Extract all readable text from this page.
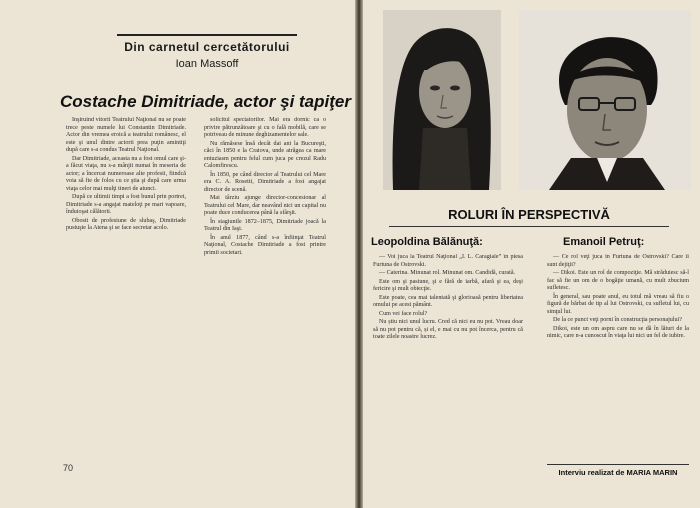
Din carnetul cercetătorului
Ioan Massoff
Costache Dimitriade, actor şi tapiţer

Înşiruind vitorii Teatrului Naţional nu se poate trece peste numele lui Constantin Dimitriade. Actor din vremea eroică a teatrului românesc, el este şi unul dintre actorii prea puţin amintiţi după care s-a condus Teatrul Naţional.

Dar Dimitriade, aceasta nu a fost omul care şi-a făcut viaţa, nu s-a mânjit numai în meseria de actor; a încercat numeroase alte profesii, fiindcă voia să fie de folos cu ce ştia şi după care urma viaţa celor mai mulţi tineri de atunci.

După ce ultimii timpi a fost bunul prin portret, Dimitriade s-a angajat mateloţi pe mari vapoare, înduioşat călătorii.

Obosit de profesiune de slubaş, Dimitriade pustuşte la Atena şi se face secretar acolo.

solicitul spectatorilor. Mai era dornic ca o privire pătrunzătoare şi cu o fală mobilă, care se potriveau de minune deghizamentelor sale.

Nu rămăsese însă decât dai ani la Bucureşti, căci în 1850 e la Craiova, unde atrăgea ca mare entuziasm pentru felul cum juca pe crezul Radu Calomfirescu.

În 1850, pe când director al Teatrului cel Mare era C. A. Rosetti, Dimitriade a fost angajat director de scenă.

Mai târziu ajunge director-concesionar al Teatrului cel Mare, dar neavând nici un capital nu poate duce conducerea până la sfârşit.

În stagiunile 1872–1875, Dimitriade joacă la Teatrul din Iaşi.

În anul 1877, când s-a înfiinţat Teatrul Naţional, Costache Dimitriade a fost printre primii societari.

70
ROLURI ÎN PERSPECTIVĂ
Leopoldina Bălănuţă:	Emanoil Petruţ:

— Voi juca la Teatrul Naţional „I. L. Caragiale” în piesa Furtuna de Ostrovski.

— Caterina. Minunat rol. Minunat om. Candidă, curată.

Este om şi pasiune, şi e fără de iarbă, afară şi ea, deşi fericire şi mult obiecţie.

Este poate, cea mai talentată şi glorioasă pentru libertatea omului pe acest pământ.

Cum vei face rolul?

Nu știu nici unul lucru. Cred că nici eu nu pot. Vreau doar să nu pot pentru că, și el, e mai cu nu pot încerca, pentru că toate zilele noastre lucrez.

— Ce rol veţi juca în Furtuna de Ostrovski? Care îi sunt dejiţii?

— Dikoi. Este un rol de compoziţie. Mă străduiesc să-l fac să fie un om de o bogăţie umană, cu mult zbucium sufletesc.

În general, sau poate anul, eu totul mă vreau să fiu o figură de bărbat de tip al lui Ostrovski, cu sufletul lui, cu simţul lui.

De la ce punct veţi porni în construcţia personajului?

Dikoi, este un om aspru care nu se dă în lături de la nimic, care n-a cunoscut în viaţa lui nici un fel de iubire.

Interviu realizat de MARIA MARIN
